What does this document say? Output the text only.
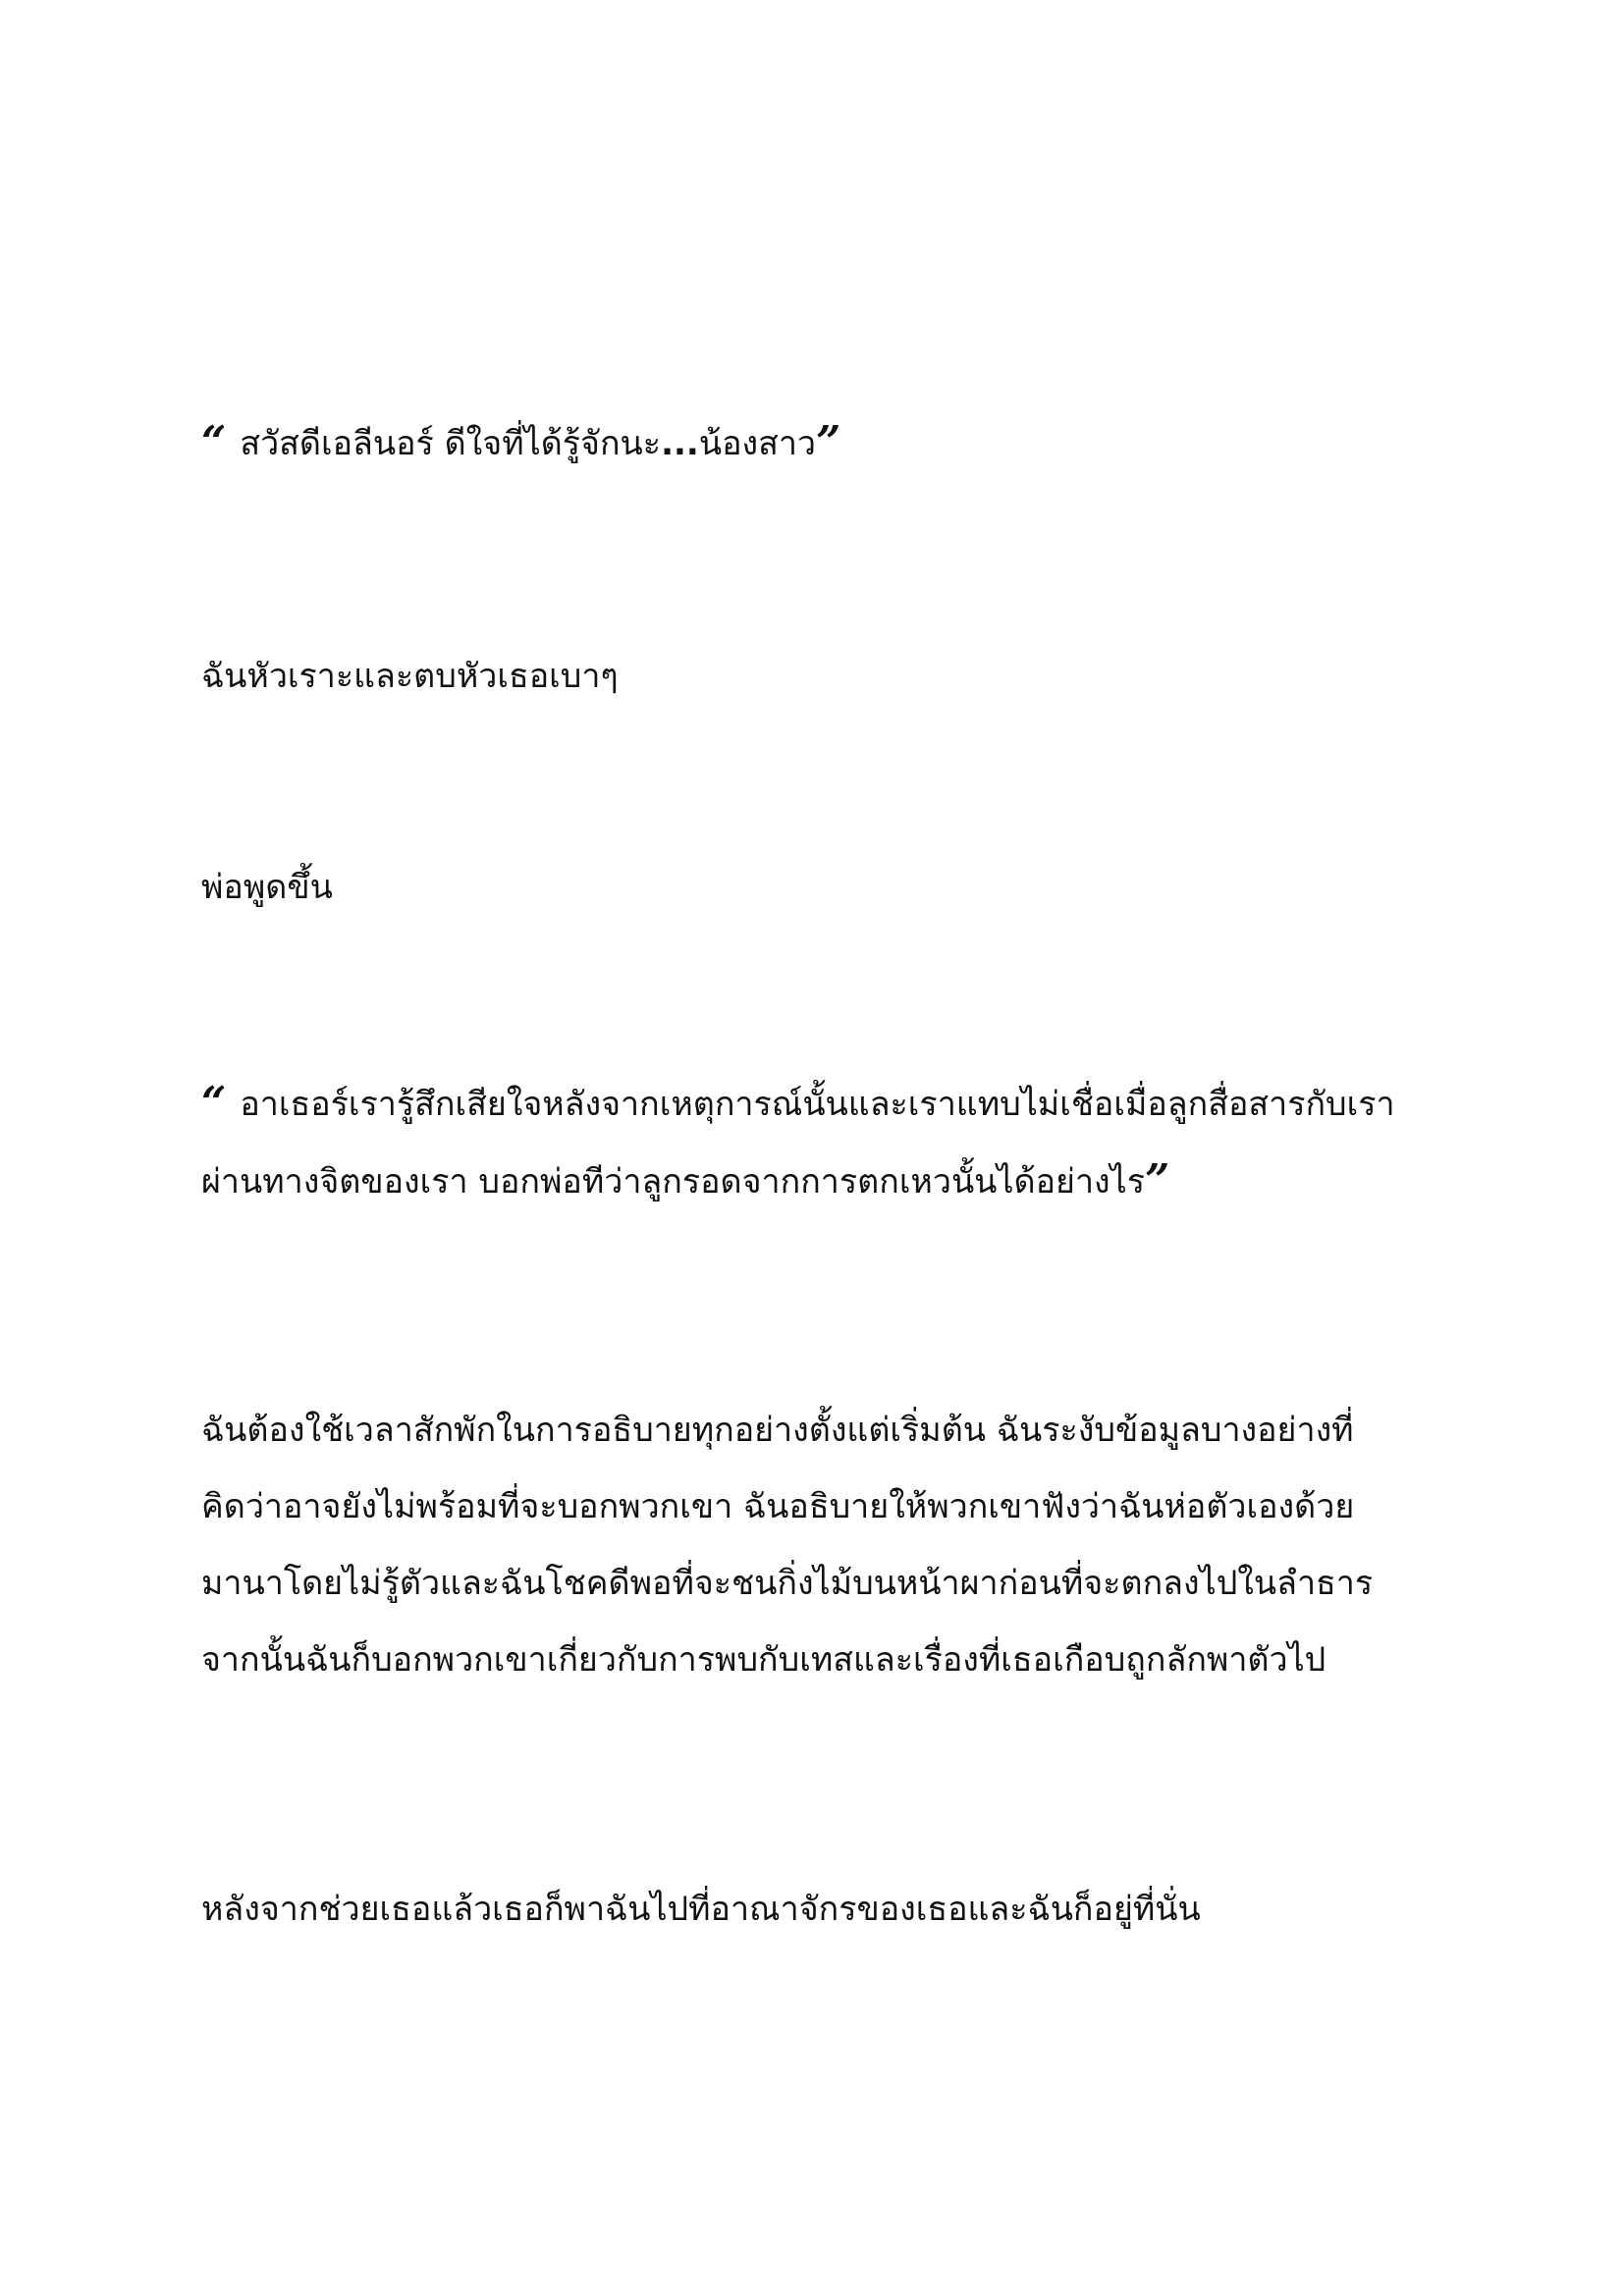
“ สวัสดีเอลีนอร์ ดีใจที่ได้รู้จักนะ...น้องสาว”

ฉันหัวเราะและตบหัวเธอเบาๆ

พ่อพูดขึ้น

“ อาเธอร์เรารู้สึกเสียใจหลังจากเหตุการณ์นั้นและเราแทบไม่เชื่อเมื่อลูกสื่อสารกับเรา
ผ่านทางจิตของเรา บอกพ่อทีว่าลูกรอดจากการตกเหวนั้นได้อย่างไร”

ฉันต้องใช้เวลาสักพักในการอธิบายทุกอย่างตั้งแต่เริ่มต้น ฉันระงับข้อมูลบางอย่างที่
คิดว่าอาจยังไม่พร้อมที่จะบอกพวกเขา ฉันอธิบายให้พวกเขาฟังว่าฉันห่อตัวเองด้วย
มานาโดยไม่รู้ตัวและฉันโชคดีพอที่จะชนกิ่งไม้บนหน้าผาก่อนที่จะตกลงไปในลำธาร
จากนั้นฉันก็บอกพวกเขาเกี่ยวกับการพบกับเทสและเรื่องที่เธอเกือบถูกลักพาตัวไป

หลังจากช่วยเธอแล้วเธอก็พาฉันไปที่อาณาจักรของเธอและฉันก็อยู่ที่นั่น
